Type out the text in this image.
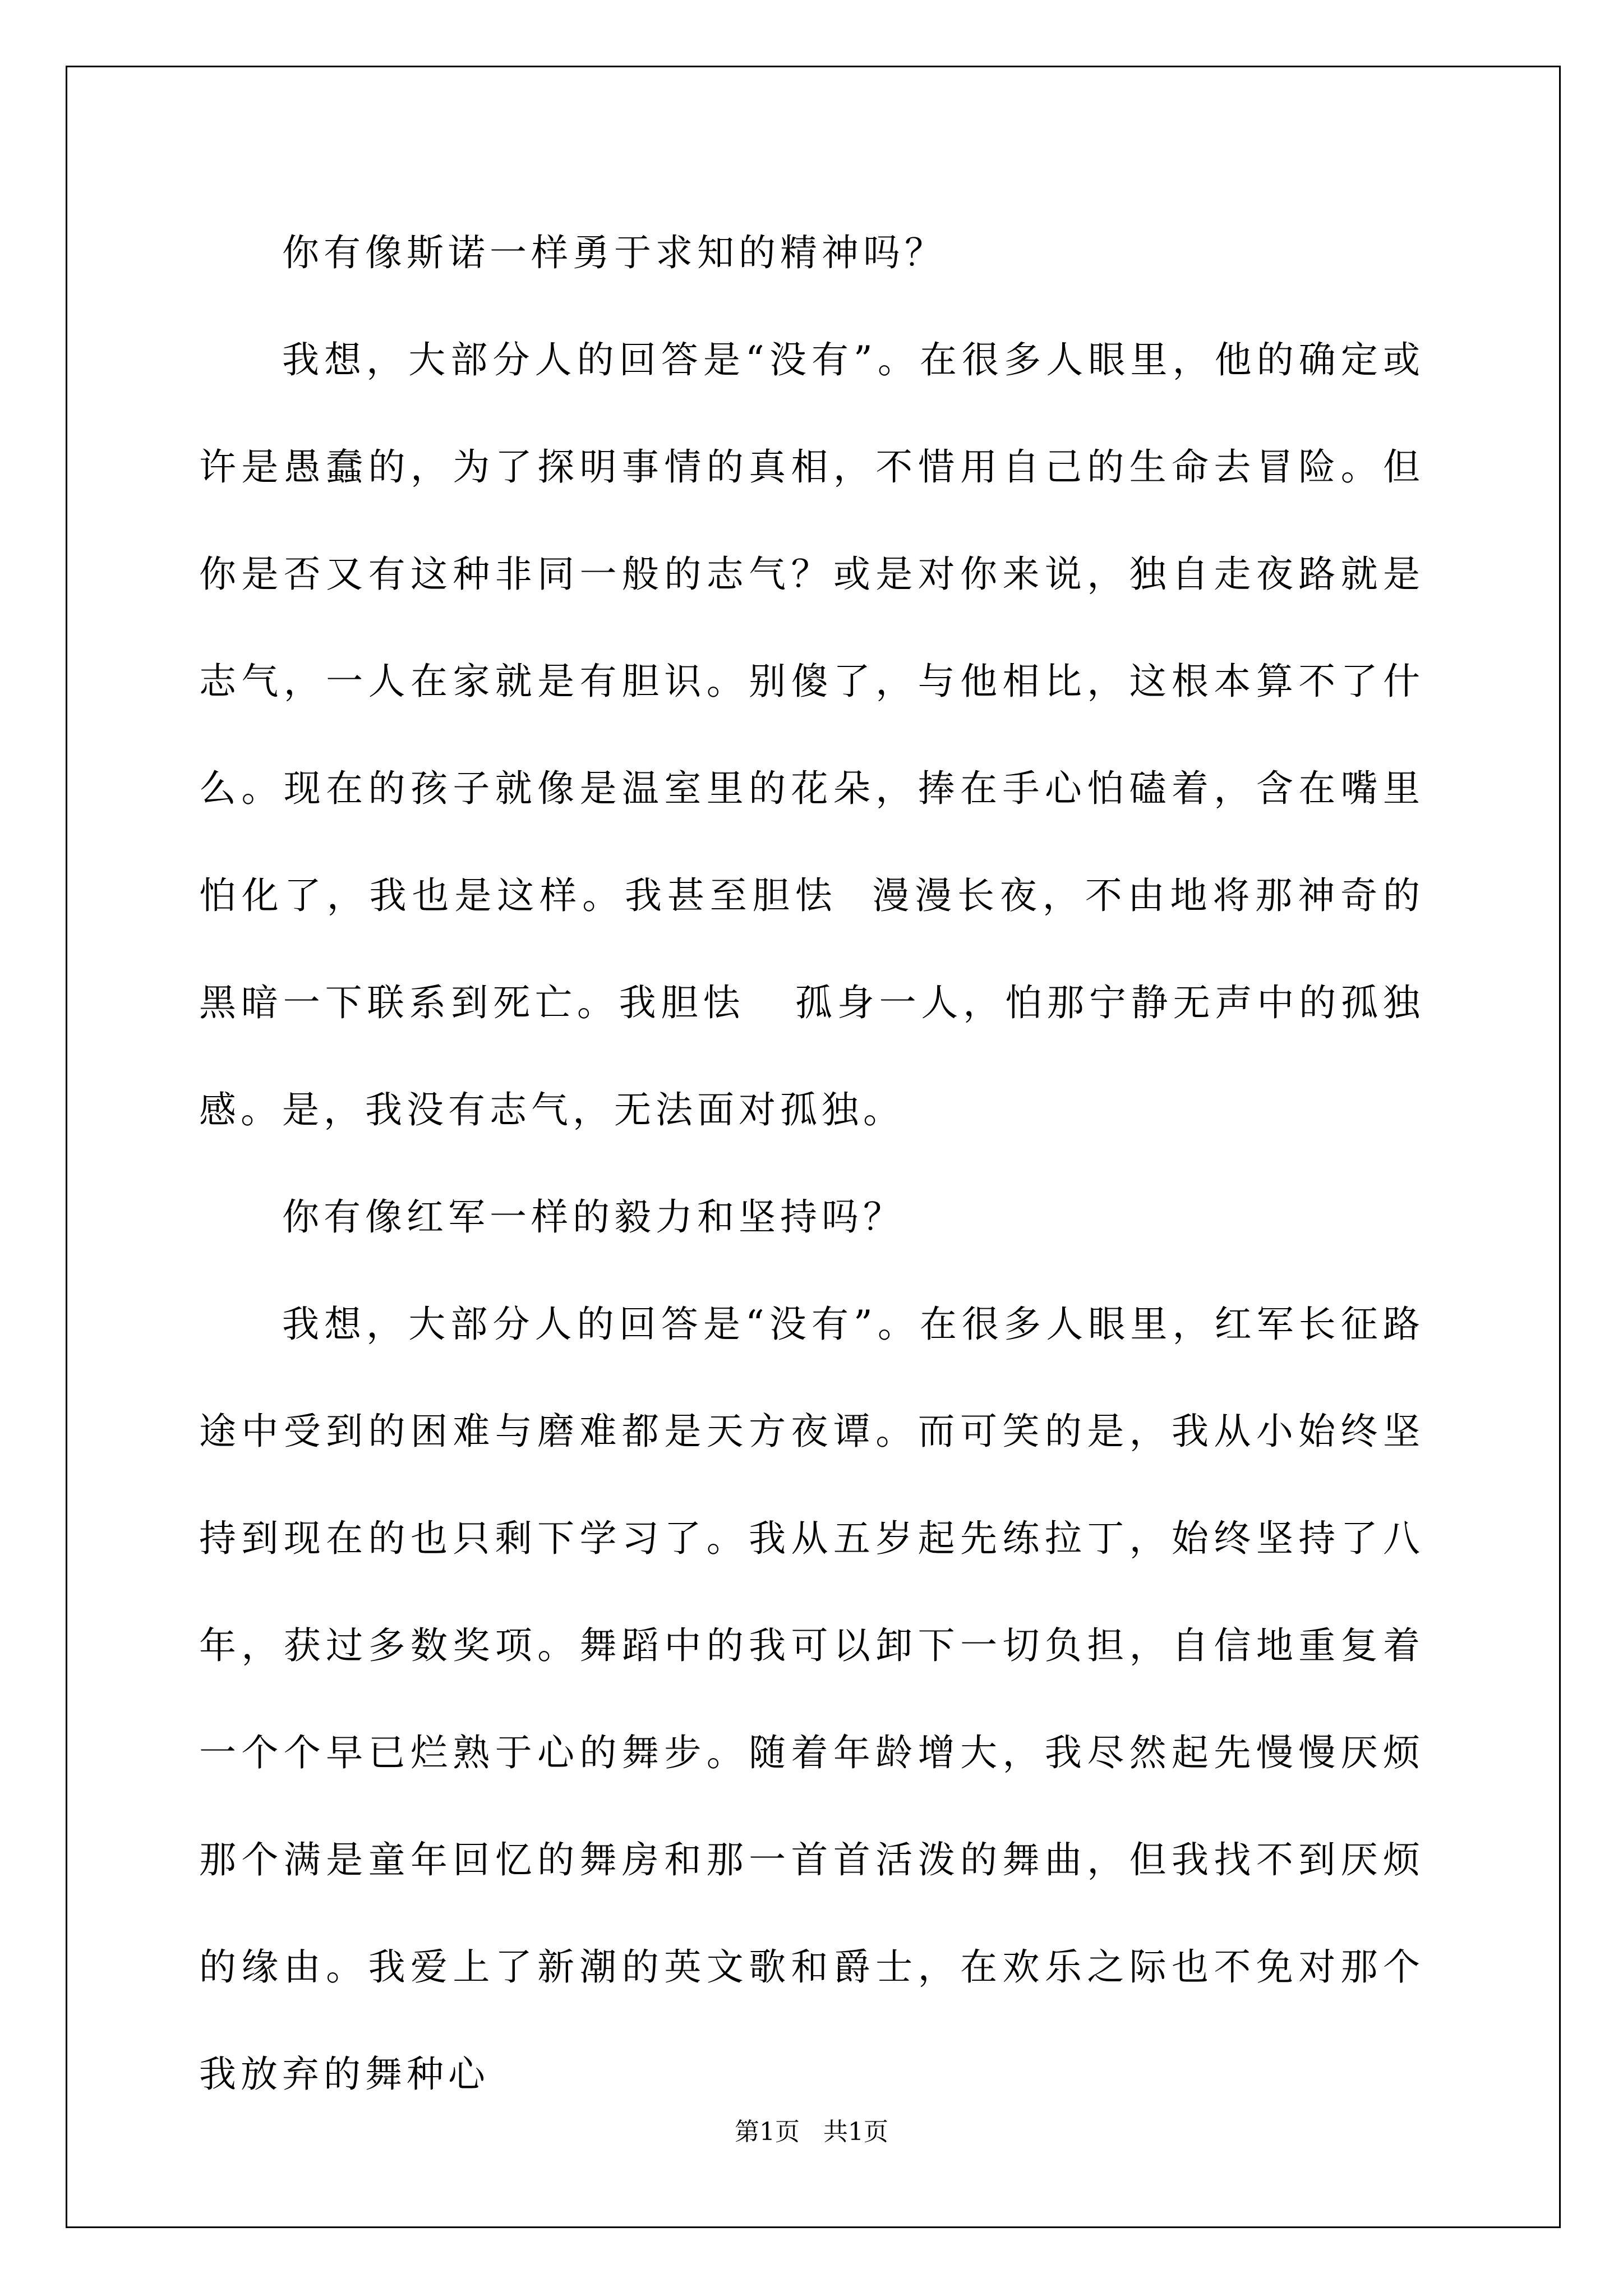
你有像斯诺一样勇于求知的精神吗？

我想，大部分人的回答是“没有”。在很多人眼里，他的确定或许是愚蠢的，为了探明事情的真相，不惜用自己的生命去冒险。但你是否又有这种非同一般的志气？或是对你来说，独自走夜路就是志气，一人在家就是有胆识。别傻了，与他相比，这根本算不了什么。现在的孩子就像是温室里的花朵，捧在手心怕磕着，含在嘴里怕化了，我也是这样。我甚至胆怯  漫漫长夜，不由地将那神奇的黑暗一下联系到死亡。我胆怯   孤身一人，怕那宁静无声中的孤独感。是，我没有志气，无法面对孤独。

你有像红军一样的毅力和坚持吗？

我想，大部分人的回答是“没有”。在很多人眼里，红军长征路途中受到的困难与磨难都是天方夜谭。而可笑的是，我从小始终坚持到现在的也只剩下学习了。我从五岁起先练拉丁，始终坚持了八年，获过多数奖项。舞蹈中的我可以卸下一切负担，自信地重复着一个个早已烂熟于心的舞步。随着年龄增大，我尽然起先慢慢厌烦那个满是童年回忆的舞房和那一首首活泼的舞曲，但我找不到厌烦的缘由。我爱上了新潮的英文歌和爵士，在欢乐之际也不免对那个我放弃的舞种心

第1页   共1页
